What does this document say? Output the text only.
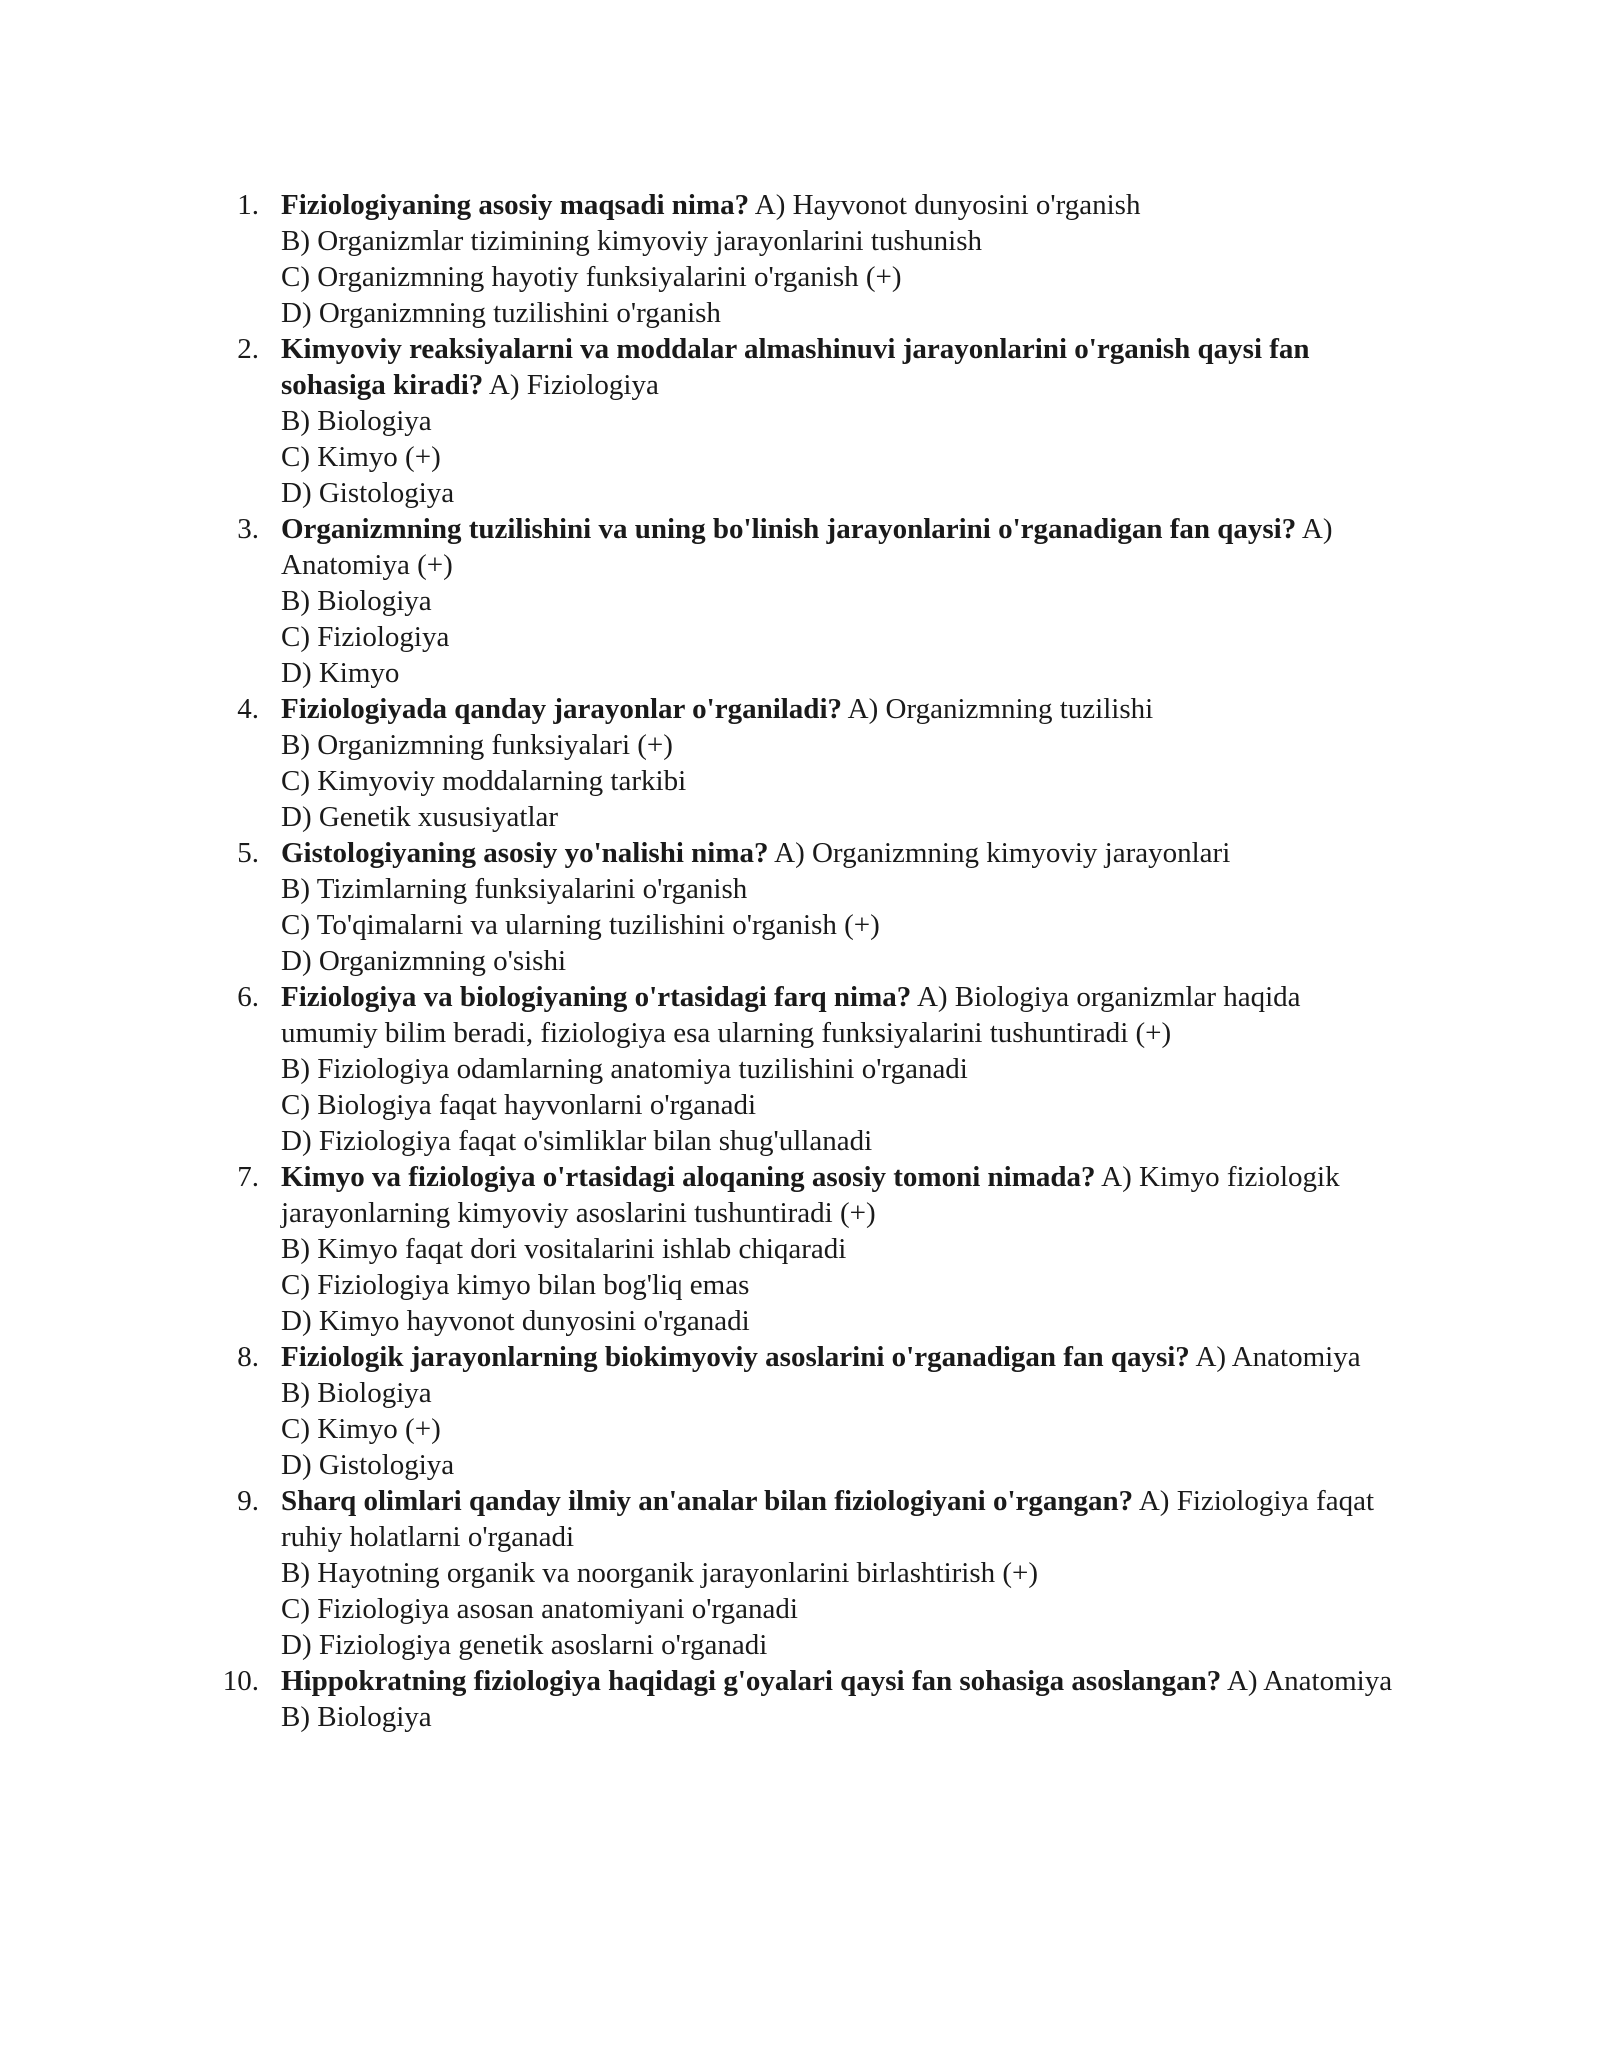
1. Fiziologiyaning asosiy maqsadi nima? A) Hayvonot dunyosini o'rganish
B) Organizmlar tizimining kimyoviy jarayonlarini tushunish
C) Organizmning hayotiy funksiyalarini o'rganish (+)
D) Organizmning tuzilishini o'rganish
2. Kimyoviy reaksiyalarni va moddalar almashinuvi jarayonlarini o'rganish qaysi fan sohasiga kiradi? A) Fiziologiya
B) Biologiya
C) Kimyo (+)
D) Gistologiya
3. Organizmning tuzilishini va uning bo'linish jarayonlarini o'rganadigan fan qaysi? A) Anatomiya (+)
B) Biologiya
C) Fiziologiya
D) Kimyo
4. Fiziologiyada qanday jarayonlar o'rganiladi? A) Organizmning tuzilishi
B) Organizmning funksiyalari (+)
C) Kimyoviy moddalarning tarkibi
D) Genetik xususiyatlar
5. Gistologiyaning asosiy yo'nalishi nima? A) Organizmning kimyoviy jarayonlari
B) Tizimlarning funksiyalarini o'rganish
C) To'qimalarni va ularning tuzilishini o'rganish (+)
D) Organizmning o'sishi
6. Fiziologiya va biologiyaning o'rtasidagi farq nima? A) Biologiya organizmlar haqida umumiy bilim beradi, fiziologiya esa ularning funksiyalarini tushuntiradi (+)
B) Fiziologiya odamlarning anatomiya tuzilishini o'rganadi
C) Biologiya faqat hayvonlarni o'rganadi
D) Fiziologiya faqat o'simliklar bilan shug'ullanadi
7. Kimyo va fiziologiya o'rtasidagi aloqaning asosiy tomoni nimada? A) Kimyo fiziologik jarayonlarning kimyoviy asoslarini tushuntiradi (+)
B) Kimyo faqat dori vositalarini ishlab chiqaradi
C) Fiziologiya kimyo bilan bog'liq emas
D) Kimyo hayvonot dunyosini o'rganadi
8. Fiziologik jarayonlarning biokimyoviy asoslarini o'rganadigan fan qaysi? A) Anatomiya
B) Biologiya
C) Kimyo (+)
D) Gistologiya
9. Sharq olimlari qanday ilmiy an'analar bilan fiziologiyani o'rgangan? A) Fiziologiya faqat ruhiy holatlarni o'rganadi
B) Hayotning organik va noorganik jarayonlarini birlashtirish (+)
C) Fiziologiya asosan anatomiyani o'rganadi
D) Fiziologiya genetik asoslarni o'rganadi
10. Hippokratning fiziologiya haqidagi g'oyalari qaysi fan sohasiga asoslangan? A) Anatomiya
B) Biologiya
